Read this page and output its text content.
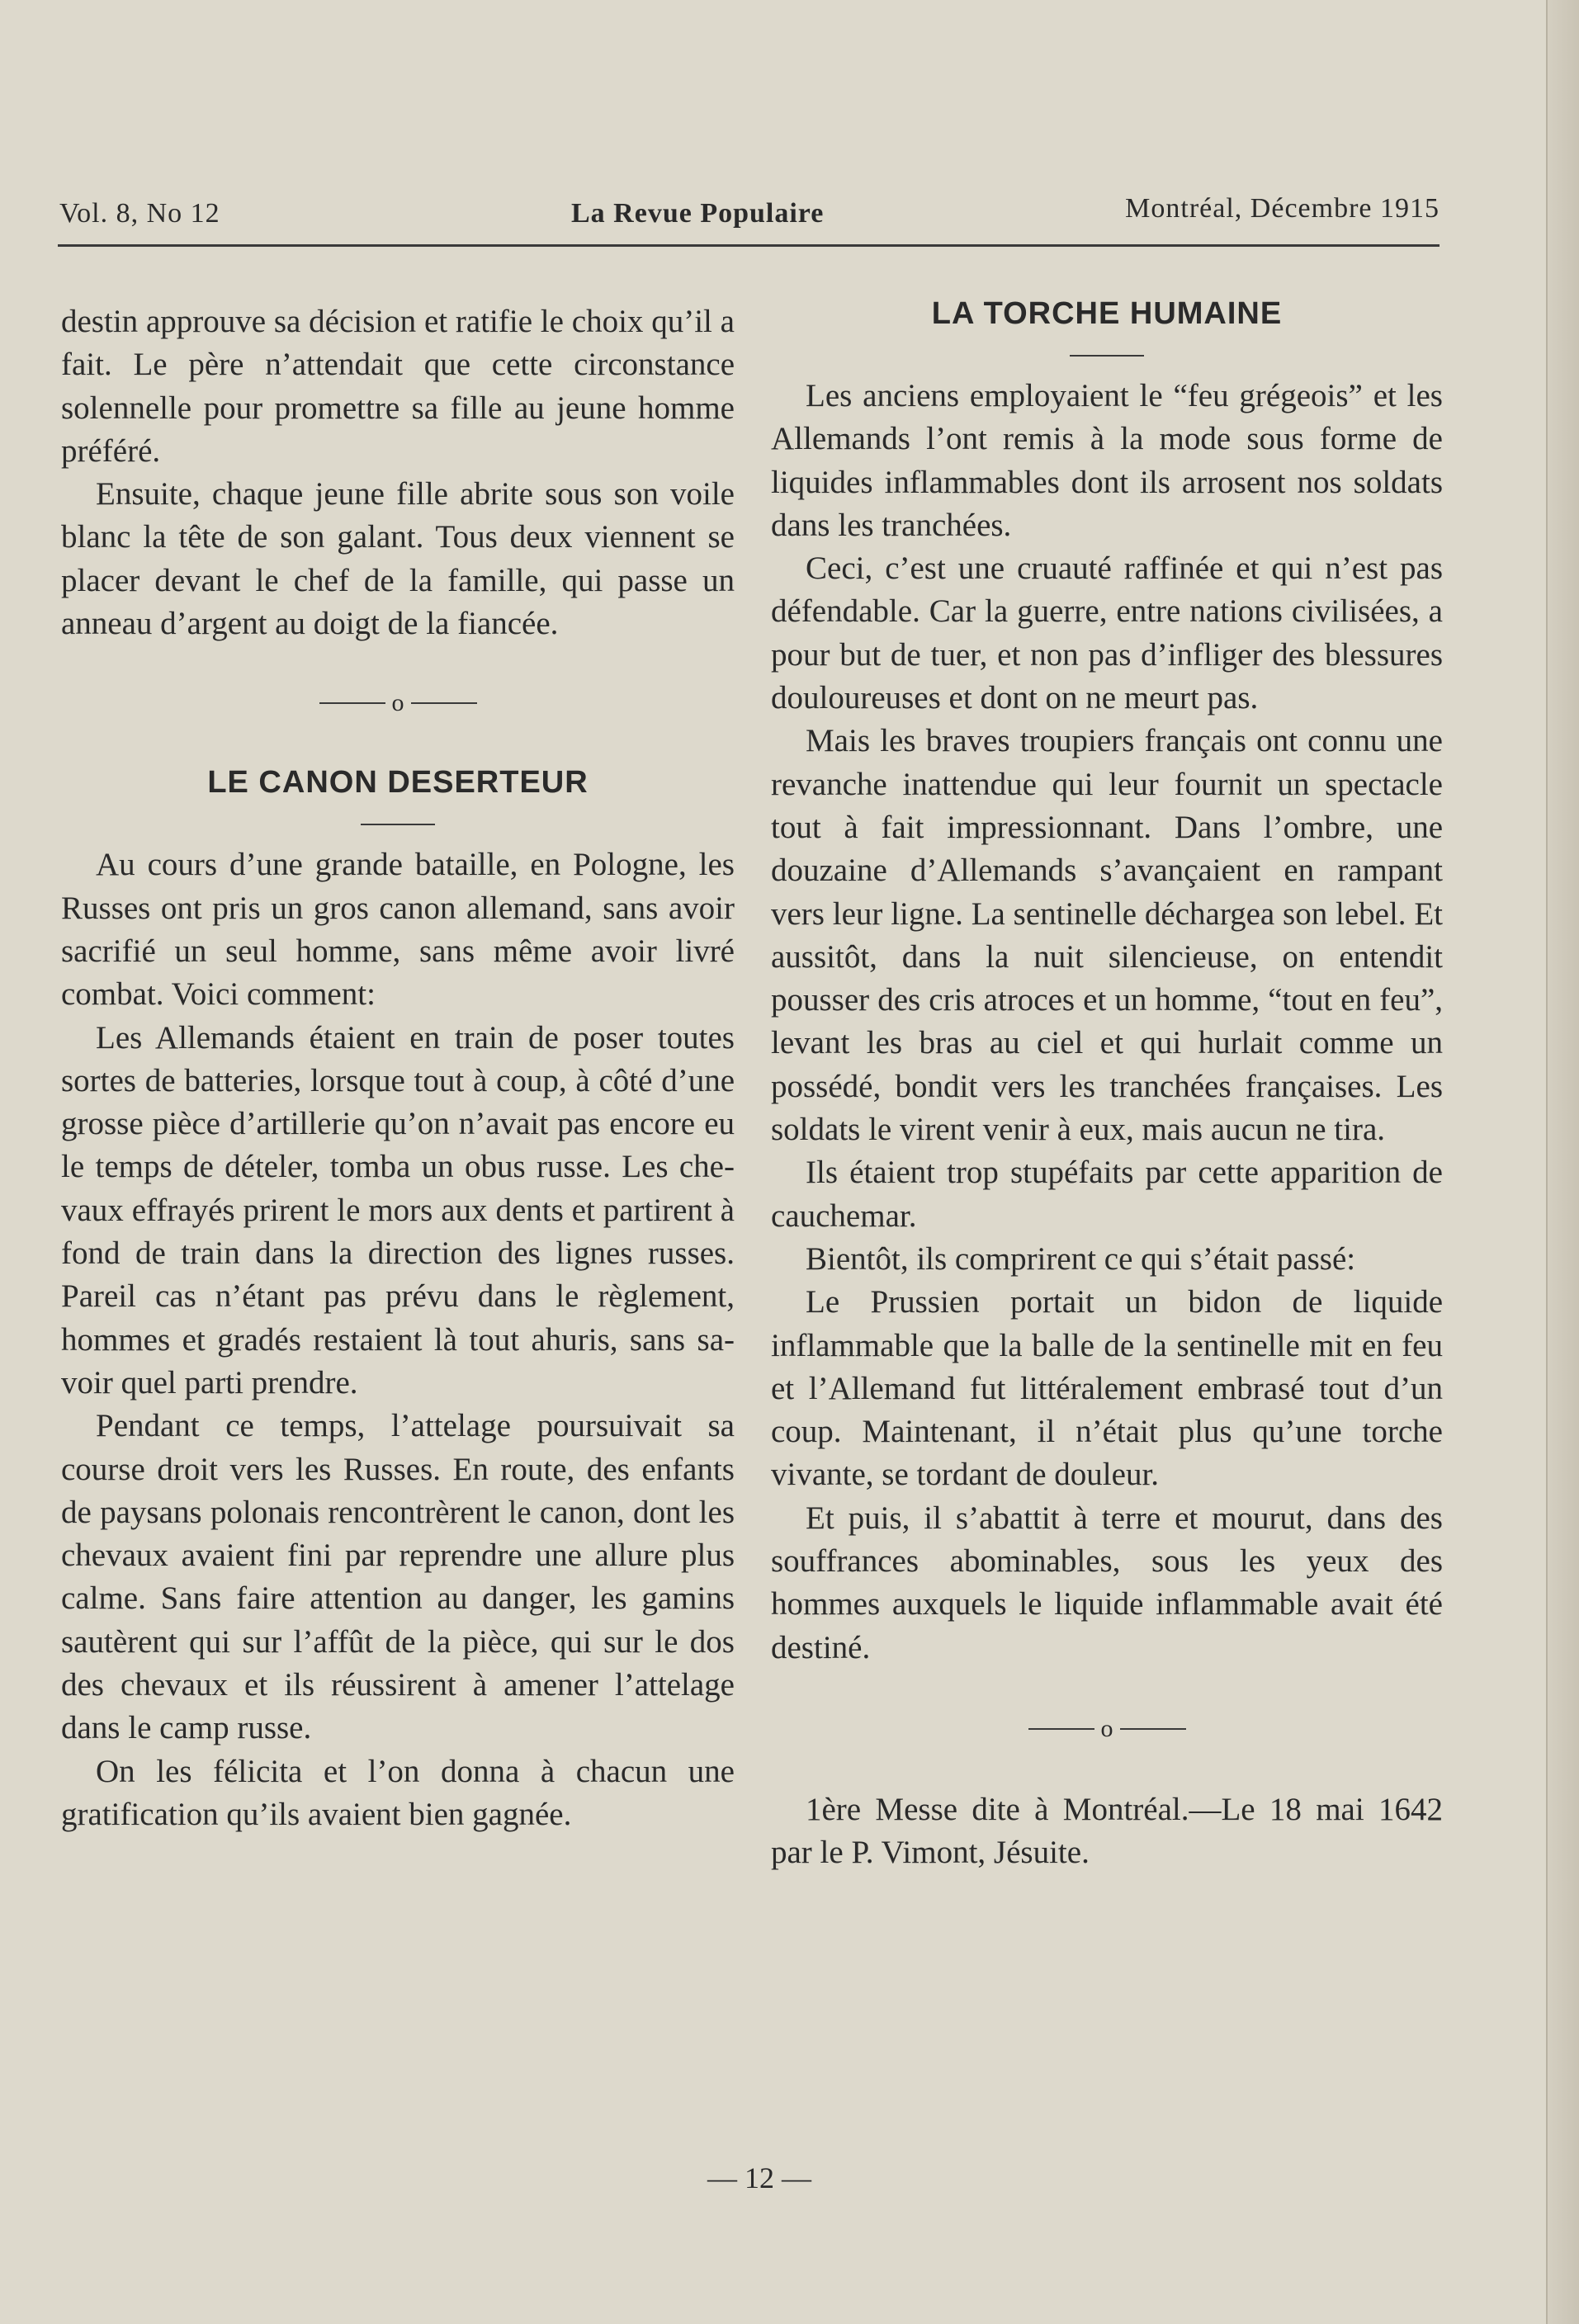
Vol. 8, No 12	La Revue Populaire	Montréal, Décembre 1915

destin approuve sa décision et ratifie le choix qu’il a fait. Le père n’attendait que cette circonstance solennelle pour promettre sa fille au jeune homme préféré.

Ensuite, chaque jeune fille abrite sous son voile blanc la tête de son galant. Tous deux viennent se placer devant le chef de la famille, qui passe un anneau d’argent au doigt de la fiancée.

o
LE CANON DESERTEUR

Au cours d’une grande bataille, en Pologne, les Russes ont pris un gros canon allemand, sans avoir sacrifié un seul homme, sans même avoir livré combat. Voici comment:

Les Allemands étaient en train de poser toutes sortes de batteries, lorsque tout à coup, à côté d’une grosse pièce d’artillerie qu’on n’avait pas encore eu le temps de dételer, tomba un obus russe. Les chevaux effrayés prirent le mors aux dents et partirent à fond de train dans la direction des lignes russes. Pareil cas n’étant pas prévu dans le règlement, hommes et gradés restaient là tout ahuris, sans savoir quel parti prendre.

Pendant ce temps, l’attelage poursuivait sa course droit vers les Russes. En route, des enfants de paysans polonais rencontrèrent le canon, dont les chevaux avaient fini par reprendre une allure plus calme. Sans faire attention au danger, les gamins sautèrent qui sur l’affût de la pièce, qui sur le dos des chevaux et ils réussirent à amener l’attelage dans le camp russe.

On les félicita et l’on donna à chacun une gratification qu’ils avaient bien gagnée.

LA TORCHE HUMAINE

Les anciens employaient le “feu grégeois” et les Allemands l’ont remis à la mode sous forme de liquides inflammables dont ils arrosent nos soldats dans les tranchées.

Ceci, c’est une cruauté raffinée et qui n’est pas défendable. Car la guerre, entre nations civilisées, a pour but de tuer, et non pas d’infliger des blessures douloureuses et dont on ne meurt pas.

Mais les braves troupiers français ont connu une revanche inattendue qui leur fournit un spectacle tout à fait impressionnant. Dans l’ombre, une douzaine d’Allemands s’avançaient en rampant vers leur ligne. La sentinelle déchargea son lebel. Et aussitôt, dans la nuit silencieuse, on entendit pousser des cris atroces et un homme, “tout en feu”, levant les bras au ciel et qui hurlait comme un possédé, bondit vers les tranchées françaises. Les soldats le virent venir à eux, mais aucun ne tira.

Ils étaient trop stupéfaits par cette apparition de cauchemar.

Bientôt, ils comprirent ce qui s’était passé:

Le Prussien portait un bidon de liquide inflammable que la balle de la sentinelle mit en feu et l’Allemand fut littéralement embrasé tout d’un coup. Maintenant, il n’était plus qu’une torche vivante, se tordant de douleur.

Et puis, il s’abattit à terre et mourut, dans des souffrances abominables, sous les yeux des hommes auxquels le liquide inflammable avait été destiné.

o

1ère Messe dite à Montréal.—Le 18 mai 1642 par le P. Vimont, Jésuite.

— 12 —
